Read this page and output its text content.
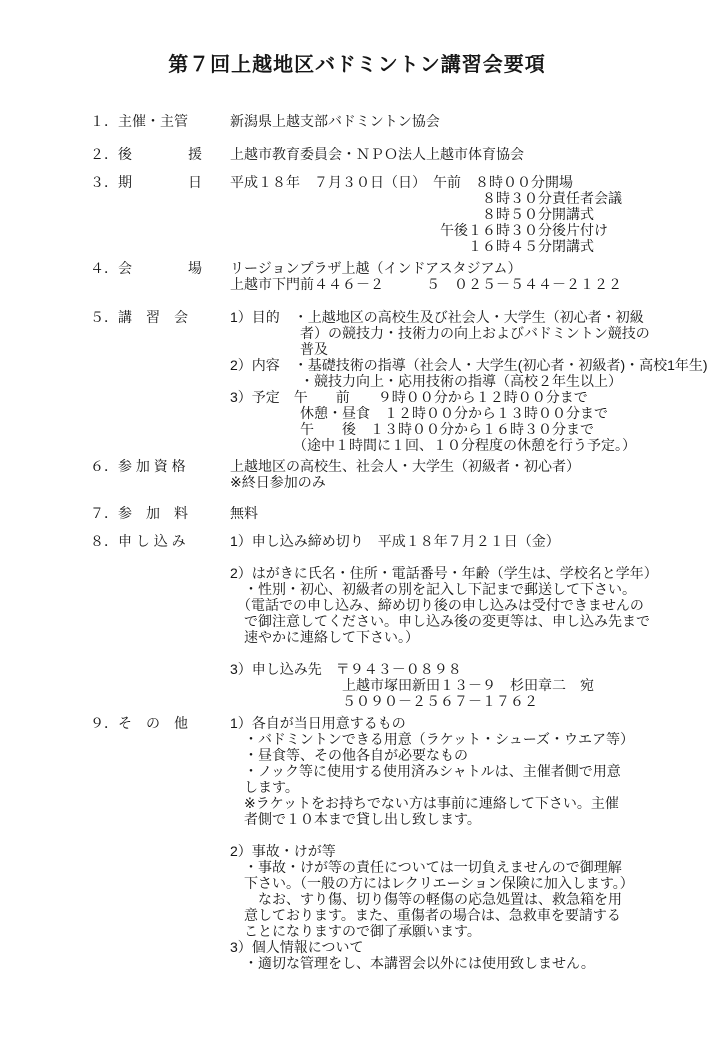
第７回上越地区バドミントン講習会要項
１．主催・主管	新潟県上越支部バドミントン協会
２．後　　　　援	上越市教育委員会・ＮＰＯ法人上越市体育協会
３．期　　　　日	平成１８年　７月３０日（日）　午前　８時００分開場
　　　　　　　　　　　　　　　　　　８時３０分責任者会議
　　　　　　　　　　　　　　　　　　８時５０分開講式
　　　　　　　　　　　　　　　午後１６時３０分後片付け
　　　　　　　　　　　　　　　　　１６時４５分閉講式
４．会　　　　場	リージョンプラザ上越（インドアスタジアム）
上越市下門前４４６－２　　　５　０２５－５４４－２１２２
５．講　習　会	1）目的　・上越地区の高校生及び社会人・大学生（初心者・初級
　　　　　者）の競技力・技術力の向上およびバドミントン競技の
　　　　　普及
2）内容　・基礎技術の指導（社会人・大学生(初心者・初級者)・高校1年生)
　　　　　・競技力向上・応用技術の指導（高校２年生以上）
3）予定　午　　前　　９時００分から１２時００分まで
　　　　　休憩・昼食　１２時００分から１３時００分まで
　　　　　午　　後　１３時００分から１６時３０分まで
　　　　　（途中１時間に１回、１０分程度の休憩を行う予定。）
６．参 加 資 格	上越地区の高校生、社会人・大学生（初級者・初心者）
※終日参加のみ
７．参　加　料	無料
８．申 し 込 み	1）申し込み締め切り　平成１８年７月２１日（金）
2）はがきに氏名・住所・電話番号・年齢（学生は、学校名と学年）
　・性別・初心、初級者の別を記入し下記まで郵送して下さい。
　（電話での申し込み、締め切り後の申し込みは受付できませんの
　で御注意してください。申し込み後の変更等は、申し込み先まで
　速やかに連絡して下さい。）
3）申し込み先　〒９４３－０８９８
　　　　　　　　上越市塚田新田１３－９　杉田章二　宛
　　　　　　　　５０９０－２５６７－１７６２
９．そ　の　他	1）各自が当日用意するもの
　・バドミントンできる用意（ラケット・シューズ・ウエア等）
　・昼食等、その他各自が必要なもの
　・ノック等に使用する使用済みシャトルは、主催者側で用意
　します。
　※ラケットをお持ちでない方は事前に連絡して下さい。主催
　者側で１０本まで貸し出し致します。
2）事故・けが等
　・事故・けが等の責任については一切負えませんので御理解
　下さい。（一般の方にはレクリエーション保険に加入します。）
　　なお、すり傷、切り傷等の軽傷の応急処置は、救急箱を用
　意しております。また、重傷者の場合は、急救車を要請する
　ことになりますので御了承願います。
3）個人情報について
　・適切な管理をし、本講習会以外には使用致しません。
